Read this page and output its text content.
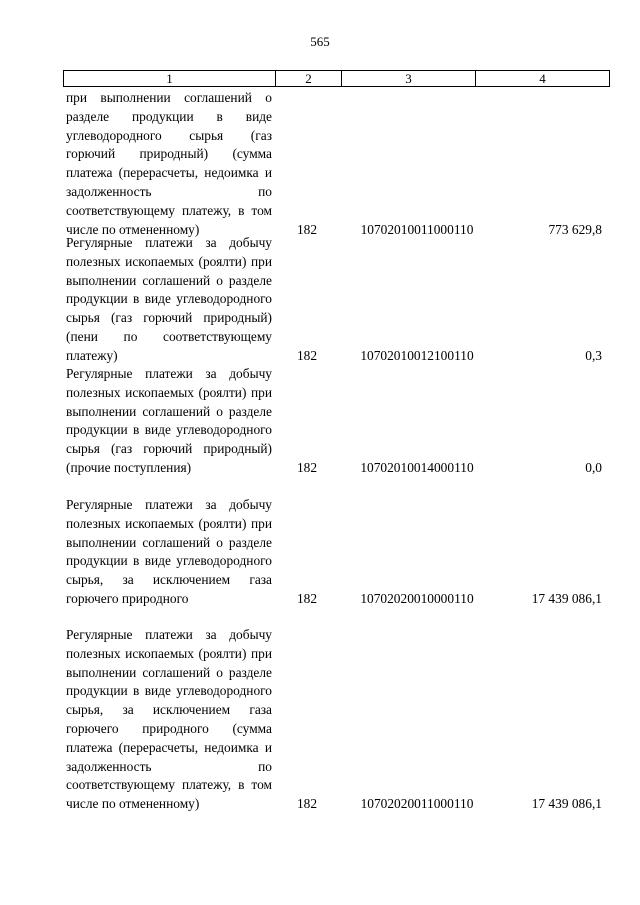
565
1	2	3	4
при выполнении соглашений о разделе продукции в виде углеводородного сырья (газ горючий природный) (сумма платежа (перерасчеты, недоимка и задолженность по соответствующему платежу, в том числе по отмененному)	182	10702010011000110	773 629,8
Регулярные платежи за добычу полезных ископаемых (роялти) при выполнении соглашений о разделе продукции в виде углеводородного сырья (газ горючий природный) (пени по соответствующему платежу)	182	10702010012100110	0,3
Регулярные платежи за добычу полезных ископаемых (роялти) при выполнении соглашений о разделе продукции в виде углеводородного сырья (газ горючий природный) (прочие поступления)	182	10702010014000110	0,0
Регулярные платежи за добычу полезных ископаемых (роялти) при выполнении соглашений о разделе продукции в виде углеводородного сырья, за исключением газа горючего природного	182	10702020010000110	17 439 086,1
Регулярные платежи за добычу полезных ископаемых (роялти) при выполнении соглашений о разделе продукции в виде углеводородного сырья, за исключением газа горючего природного (сумма платежа (перерасчеты, недоимка и задолженность по соответствующему платежу, в том числе по отмененному)	182	10702020011000110	17 439 086,1
